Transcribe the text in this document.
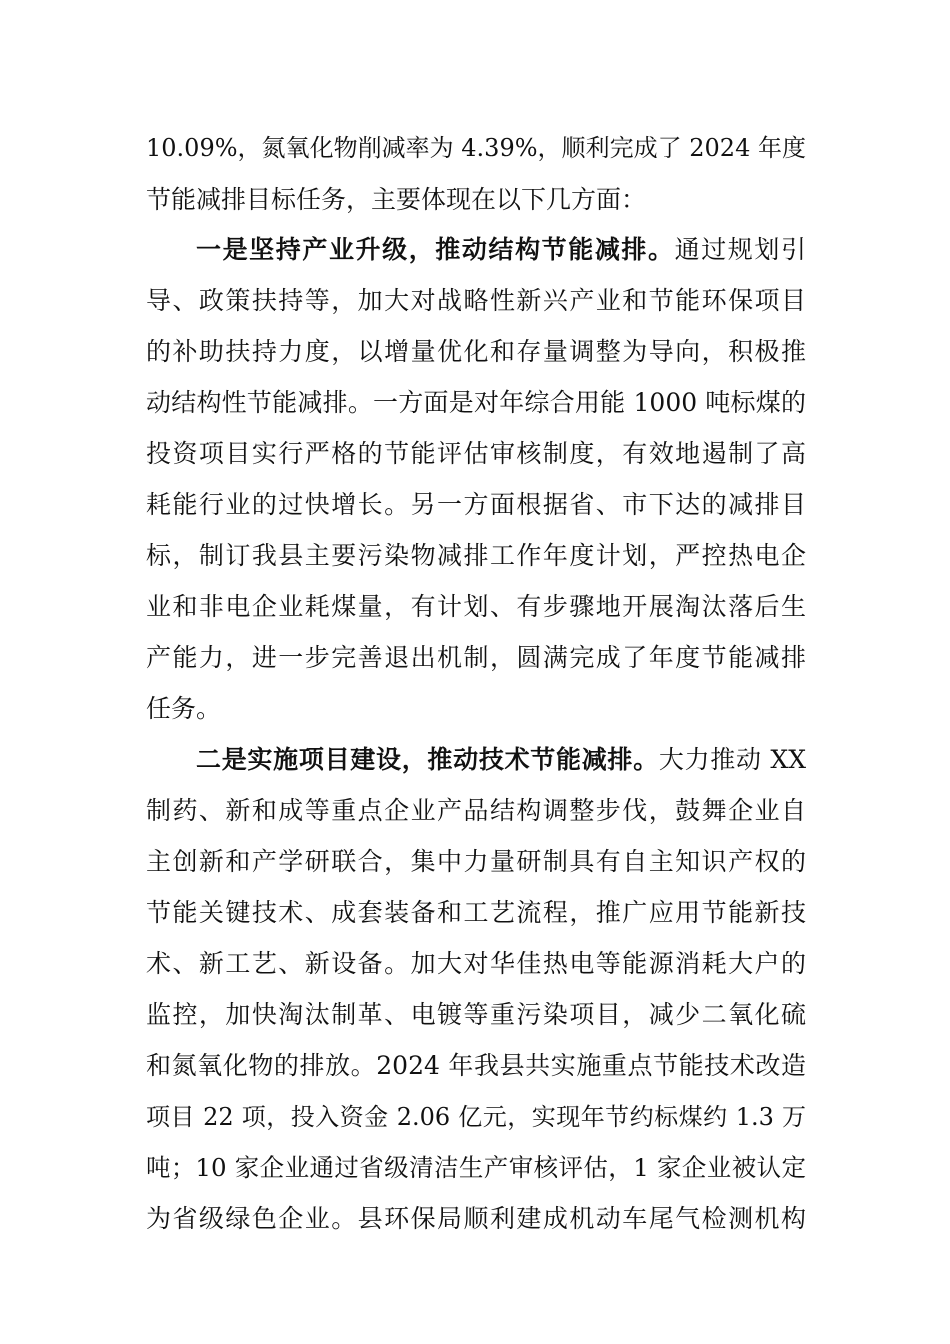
10.09%，氮氧化物削减率为 4.39%，顺利完成了 2024 年度
节能减排目标任务，主要体现在以下几方面：
一是坚持产业升级，推动结构节能减排。通过规划引
导、政策扶持等，加大对战略性新兴产业和节能环保项目
的补助扶持力度，以增量优化和存量调整为导向，积极推
动结构性节能减排。一方面是对年综合用能 1000 吨标煤的
投资项目实行严格的节能评估审核制度，有效地遏制了高
耗能行业的过快增长。另一方面根据省、市下达的减排目
标，制订我县主要污染物减排工作年度计划，严控热电企
业和非电企业耗煤量，有计划、有步骤地开展淘汰落后生
产能力，进一步完善退出机制，圆满完成了年度节能减排
任务。
二是实施项目建设，推动技术节能减排。大力推动 XX
制药、新和成等重点企业产品结构调整步伐，鼓舞企业自
主创新和产学研联合，集中力量研制具有自主知识产权的
节能关键技术、成套装备和工艺流程，推广应用节能新技
术、新工艺、新设备。加大对华佳热电等能源消耗大户的
监控，加快淘汰制革、电镀等重污染项目，减少二氧化硫
和氮氧化物的排放。2024 年我县共实施重点节能技术改造
项目 22 项，投入资金 2.06 亿元，实现年节约标煤约 1.3 万
吨；10 家企业通过省级清洁生产审核评估，1 家企业被认定
为省级绿色企业。县环保局顺利建成机动车尾气检测机构
